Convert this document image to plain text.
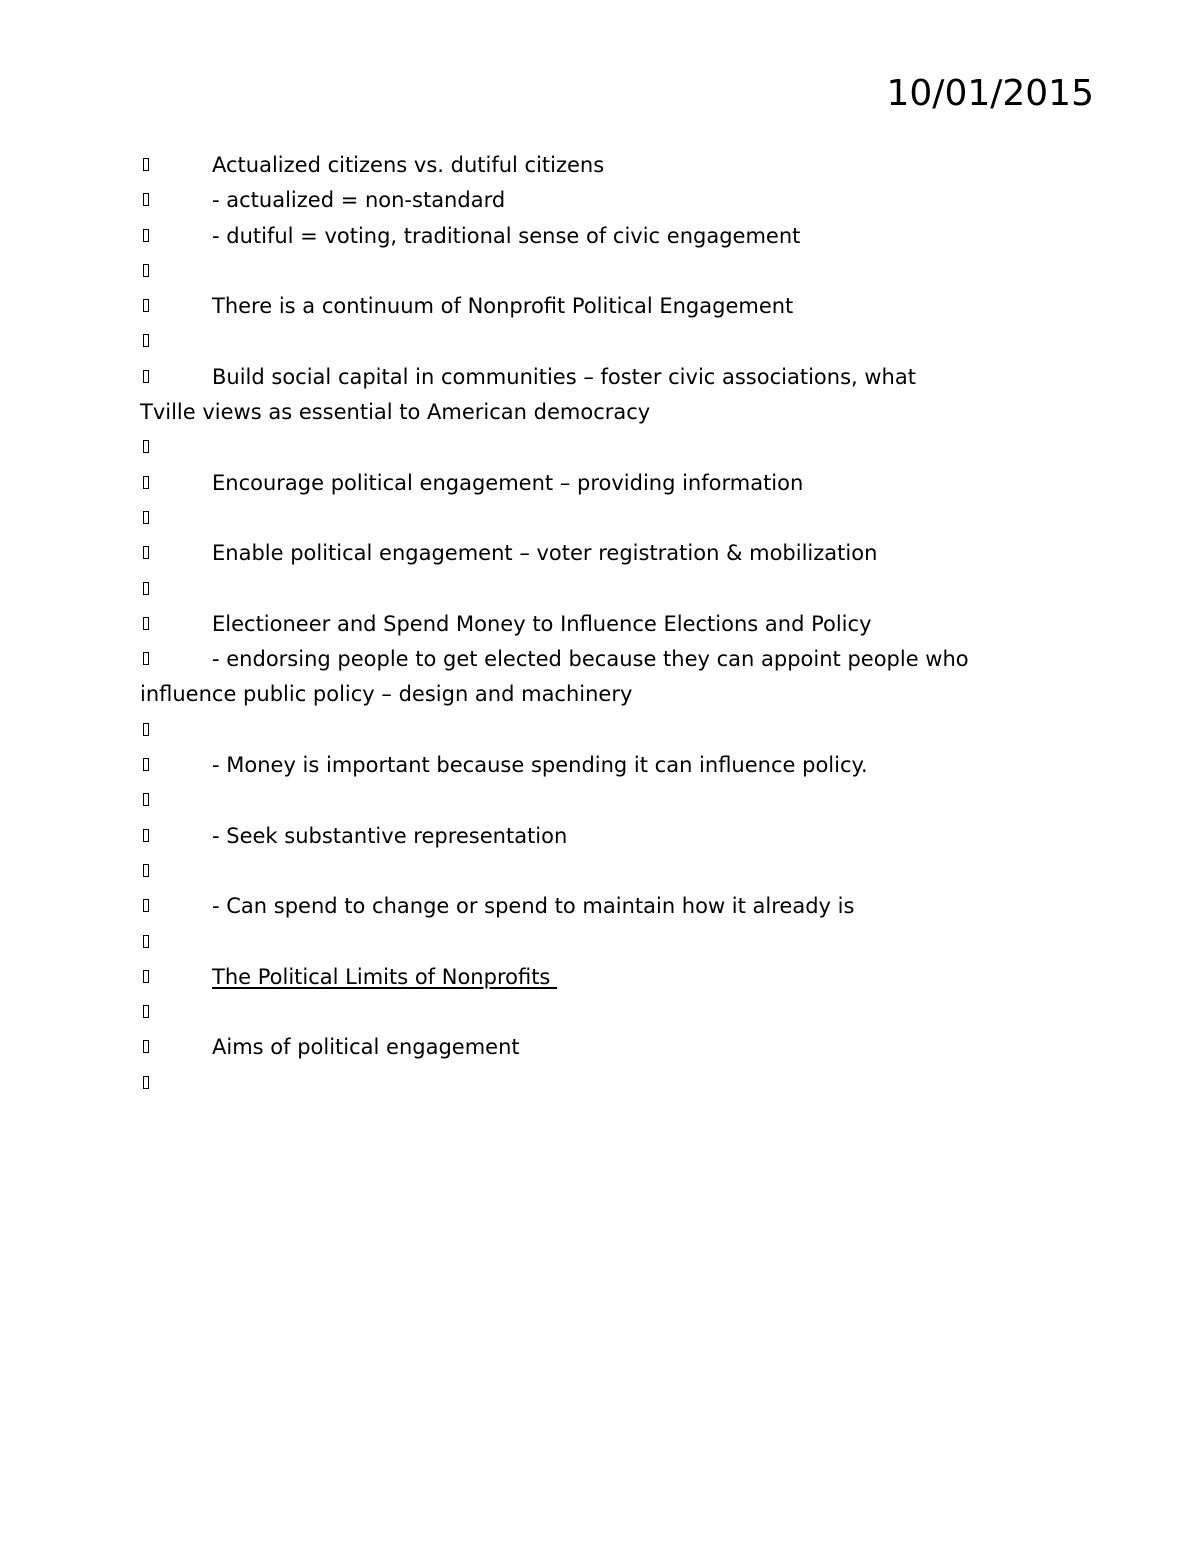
10/01/2015
Actualized citizens vs. dutiful citizens
- actualized = non-standard
- dutiful = voting, traditional sense of civic engagement
There is a continuum of Nonprofit Political Engagement
Build social capital in communities – foster civic associations, what
Tville views as essential to American democracy
Encourage political engagement – providing information
Enable political engagement – voter registration & mobilization
Electioneer and Spend Money to Influence Elections and Policy
- endorsing people to get elected because they can appoint people who
influence public policy – design and machinery
- Money is important because spending it can influence policy.
- Seek substantive representation
- Can spend to change or spend to maintain how it already is
The Political Limits of Nonprofits
Aims of political engagement
